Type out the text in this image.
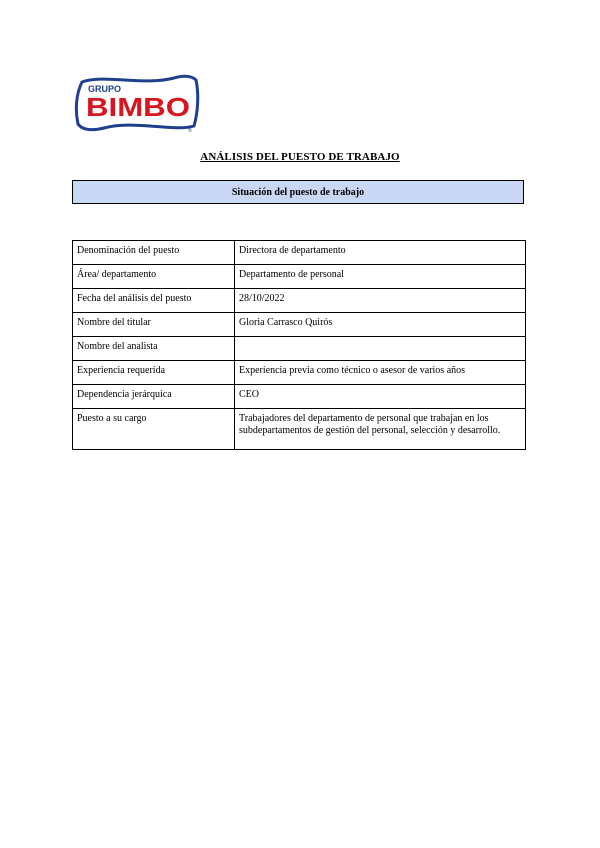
GRUPO
BIMBO
®
ANÁLISIS DEL PUESTO DE TRABAJO
Situación del puesto de trabajo
Denominación del puesto	Directora de departamento
Área/ departamento	Departamento de personal
Fecha del análisis del puesto	28/10/2022
Nombre del titular	Gloria Carrasco Quirós
Nombre del analista	
Experiencia requerida	Experiencia previa como técnico o asesor de varios años
Dependencia jerárquica	CEO
Puesto a su cargo	Trabajadores del departamento de personal que trabajan en los subdepartamentos de gestión del personal, selección y desarrollo.
